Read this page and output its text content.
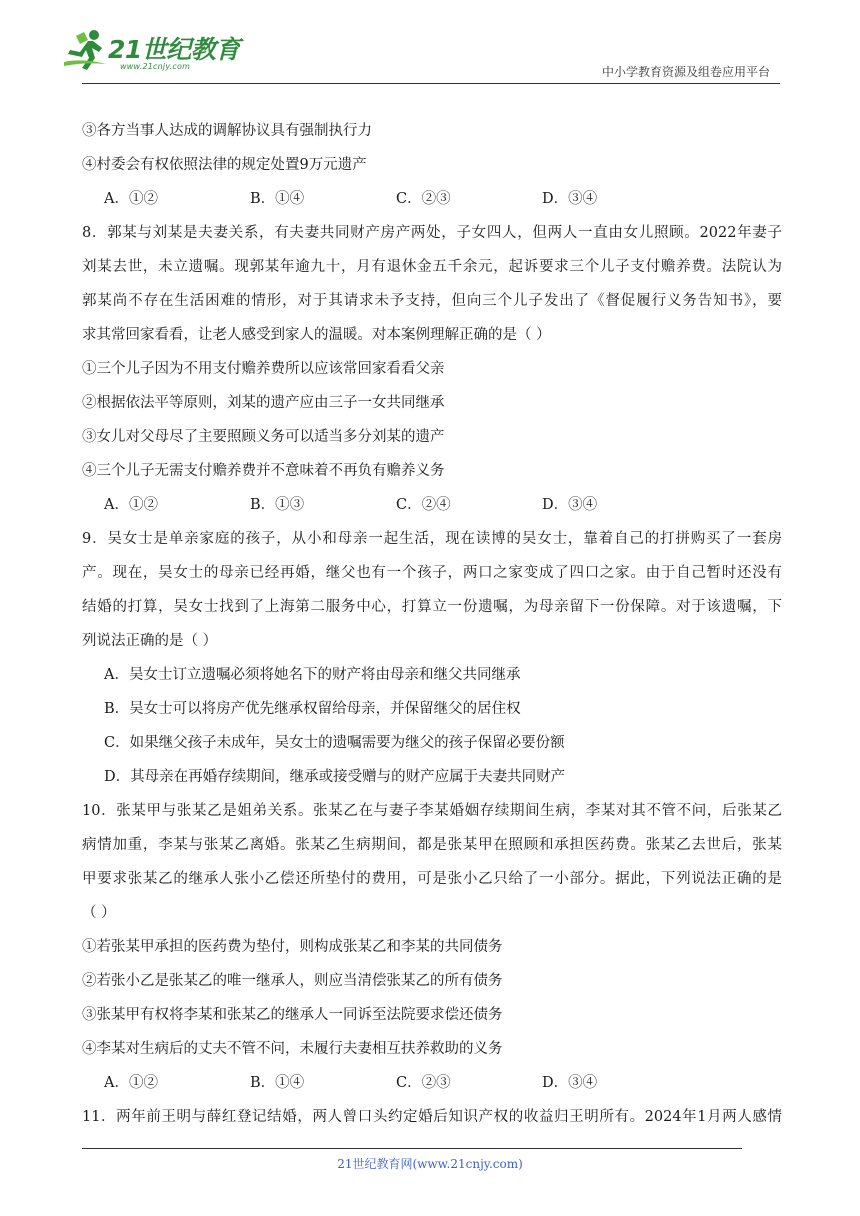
21世纪教育
www.21cnjy.com	中小学教育资源及组卷应用平台
③各方当事人达成的调解协议具有强制执行力
④村委会有权依照法律的规定处置9万元遗产
A．①②	B．①④	C．②③	D．③④
8．郭某与刘某是夫妻关系，有夫妻共同财产房产两处，子女四人，但两人一直由女儿照顾。2022年妻子
刘某去世，未立遗嘱。现郭某年逾九十，月有退休金五千余元，起诉要求三个儿子支付赡养费。法院认为
郭某尚不存在生活困难的情形，对于其请求未予支持，但向三个儿子发出了《督促履行义务告知书》，要
求其常回家看看，让老人感受到家人的温暖。对本案例理解正确的是（ ）
①三个儿子因为不用支付赡养费所以应该常回家看看父亲
②根据依法平等原则，刘某的遗产应由三子一女共同继承
③女儿对父母尽了主要照顾义务可以适当多分刘某的遗产
④三个儿子无需支付赡养费并不意味着不再负有赡养义务
A．①②	B．①③	C．②④	D．③④
9．吴女士是单亲家庭的孩子，从小和母亲一起生活，现在读博的吴女士，靠着自己的打拼购买了一套房
产。现在，吴女士的母亲已经再婚，继父也有一个孩子，两口之家变成了四口之家。由于自己暂时还没有
结婚的打算，吴女士找到了上海第二服务中心，打算立一份遗嘱，为母亲留下一份保障。对于该遗嘱，下
列说法正确的是（ ）
A．吴女士订立遗嘱必须将她名下的财产将由母亲和继父共同继承
B．吴女士可以将房产优先继承权留给母亲，并保留继父的居住权
C．如果继父孩子未成年，吴女士的遗嘱需要为继父的孩子保留必要份额
D．其母亲在再婚存续期间，继承或接受赠与的财产应属于夫妻共同财产
10．张某甲与张某乙是姐弟关系。张某乙在与妻子李某婚姻存续期间生病，李某对其不管不问，后张某乙
病情加重，李某与张某乙离婚。张某乙生病期间，都是张某甲在照顾和承担医药费。张某乙去世后，张某
甲要求张某乙的继承人张小乙偿还所垫付的费用，可是张小乙只给了一小部分。据此，下列说法正确的是
（ ）
①若张某甲承担的医药费为垫付，则构成张某乙和李某的共同债务
②若张小乙是张某乙的唯一继承人，则应当清偿张某乙的所有债务
③张某甲有权将李某和张某乙的继承人一同诉至法院要求偿还债务
④李某对生病后的丈夫不管不问，未履行夫妻相互扶养救助的义务
A．①②	B．①④	C．②③	D．③④
11．两年前王明与薛红登记结婚，两人曾口头约定婚后知识产权的收益归王明所有。2024年1月两人感情
21世纪教育网(www.21cnjy.com)
